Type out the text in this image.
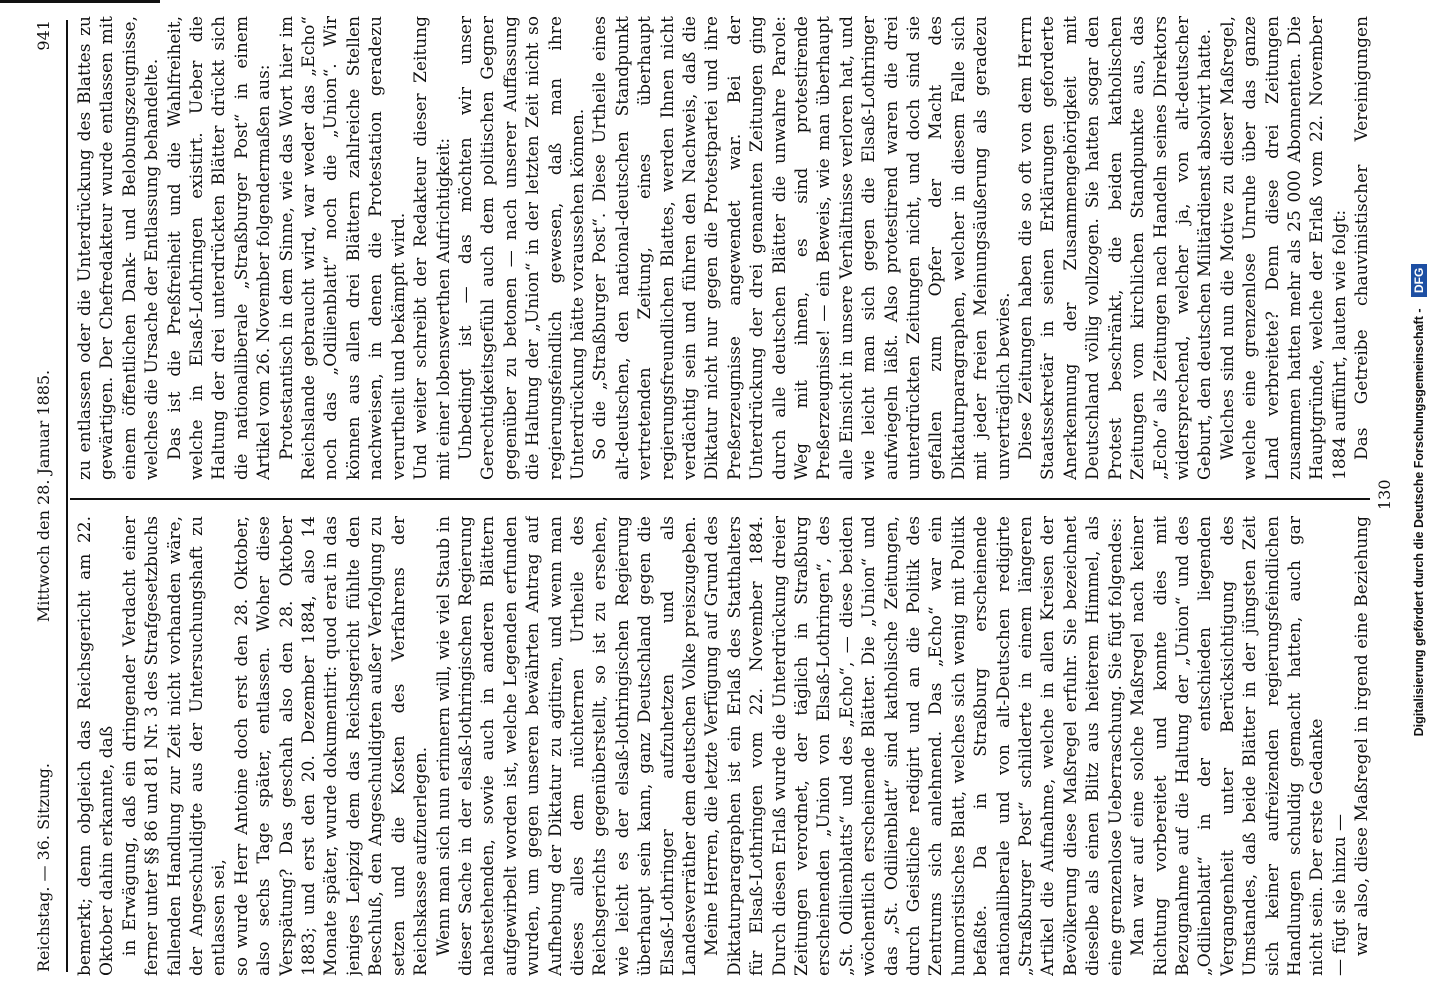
Reichstag. — 36. Sitzung.
Mittwoch den 28. Januar 1885.
941

bemerkt; denn obgleich das Reichsgericht am 22. Oktober dahin erkannte, daß in Erwägung, daß ein dringender Verdacht einer ferner unter §§ 86 und 81 Nr. 3 des Strafgesetzbuchs fallenden Handlung zur Zeit nicht vorhanden wäre, der Angeschuldigte aus der Untersuchungshaft zu entlassen sei, so wurde Herr Antoine doch erst den 28. Oktober, also sechs Tage später, entlassen. Woher diese Verspätung? Das geschah also den 28. Oktober 1883; und erst den 20. Dezember 1884, also 14 Monate später, wurde dokumentirt: quod erat in das jeniges Leipzig dem das Reichsgericht fühlte den Beschluß, den Angeschuldigten außer Verfolgung zu setzen und die Kosten des Verfahrens der Reichskasse aufzuerlegen. Wenn man sich nun erinnern will, wie viel Staub in dieser Sache in der elsaß-lothringischen Regierung nahestehenden, sowie auch in anderen Blättern aufgewirbelt worden ist, welche Legenden erfunden wurden, um gegen unseren bewährten Antrag auf Aufhebung der Diktatur zu agitiren, und wenn man dieses alles dem nüchternen Urtheile des Reichsgerichts gegenüberstellt, so ist zu ersehen, wie leicht es der elsaß-lothringischen Regierung überhaupt sein kann, ganz Deutschland gegen die Elsaß-Lothringer aufzuhetzen und als Landesverräther dem deutschen Volke preiszugeben. Meine Herren, die letzte Verfügung auf Grund des Diktaturparagraphen ist ein Erlaß des Statthalters für Elsaß-Lothringen vom 22. November 1884. Durch diesen Erlaß wurde die Unterdrückung dreier Zeitungen verordnet, der täglich in Straßburg erscheinenden „Union von Elsaß-Lothringen“, des „St. Odilienblatts“ und des „Echo“, — diese beiden wöchentlich erscheinende Blätter. Die „Union“ und das „St. Odilienblatt“ sind katholische Zeitungen, durch Geistliche redigirt und an die Politik des Zentrums sich anlehnend. Das „Echo“ war ein humoristisches Blatt, welches sich wenig mit Politik befaßte. Da in Straßburg erscheinende nationalliberale und von alt-Deutschen redigirte „Straßburger Post“ schilderte in einem längeren Artikel die Aufnahme, welche in allen Kreisen der Bevölkerung diese Maßregel erfuhr. Sie bezeichnet dieselbe als einen Blitz aus heiterem Himmel, als eine grenzenlose Ueberraschung. Sie fügt folgendes: Man war auf eine solche Maßregel nach keiner Richtung vorbereitet und konnte dies mit Bezugnahme auf die Haltung der „Union“ und des „Odilienblatt“ in der entschieden liegenden Vergangenheit unter Berücksichtigung des Umstandes, daß beide Blätter in der jüngsten Zeit sich keiner aufreizenden regierungsfeindlichen Handlungen schuldig gemacht hatten, auch gar nicht sein. Der erste Gedanke — fügt sie hinzu — war also, diese Maßregel in irgend eine Beziehung

zu entlassen oder die Unterdrückung des Blattes zu gewärtigen. Der Chefredakteur wurde entlassen mit einem öffentlichen Dank- und Belobungszeugnisse, welches die Ursache der Entlassung behandelte. Das ist die Preßfreiheit und die Wahlfreiheit, welche in Elsaß-Lothringen existirt. Ueber die Haltung der drei unterdrückten Blätter drückt sich die nationalliberale „Straßburger Post“ in einem Artikel vom 26. November folgendermaßen aus: Protestantisch in dem Sinne, wie das Wort hier im Reichslande gebraucht wird, war weder das „Echo“ noch das „Odilienblatt“ noch die „Union“. Wir können aus allen drei Blättern zahlreiche Stellen nachweisen, in denen die Protestation geradezu verurtheilt und bekämpft wird. Und weiter schreibt der Redakteur dieser Zeitung mit einer lobenswerthen Aufrichtigkeit: Unbedingt ist — das möchten wir unser Gerechtigkeitsgefühl auch dem politischen Gegner gegenüber zu betonen — nach unserer Auffassung die Haltung der „Union“ in der letzten Zeit nicht so regierungsfeindlich gewesen, daß man ihre Unterdrückung hätte voraussehen können. So die „Straßburger Post“. Diese Urtheile eines alt-deutschen, den national-deutschen Standpunkt vertretenden Zeitung, eines überhaupt regierungsfreundlichen Blattes, werden Ihnen nicht verdächtig sein und führen den Nachweis, daß die Diktatur nicht nur gegen die Protestpartei und ihre Preßerzeugnisse angewendet war. Bei der Unterdrückung der drei genannten Zeitungen ging durch alle deutschen Blätter die unwahre Parole: Weg mit ihnen, es sind protestirende Preßerzeugnisse! — ein Beweis, wie man überhaupt alle Einsicht in unsere Verhältnisse verloren hat, und wie leicht man sich gegen die Elsaß-Lothringer aufwiegeln läßt. Also protestirend waren die drei unterdrückten Zeitungen nicht, und doch sind sie gefallen zum Opfer der Macht des Diktaturparagraphen, welcher in diesem Falle sich mit jeder freien Meinungsäußerung als geradezu unverträglich bewies. Diese Zeitungen haben die so oft von dem Herrn Staatssekretär in seinen Erklärungen geforderte Anerkennung der Zusammengehörigkeit mit Deutschland völlig vollzogen. Sie hatten sogar den Protest beschränkt, die beiden katholischen Zeitungen vom kirchlichen Standpunkte aus, das „Echo“ als Zeitungen nach Handeln seines Direktors widersprechend, welcher ja, von alt-deutscher Geburt, den deutschen Militärdienst absolvirt hatte. Welches sind nun die Motive zu dieser Maßregel, welche eine grenzenlose Unruhe über das ganze Land verbreitete? Denn diese drei Zeitungen zusammen hatten mehr als 25 000 Abonnenten. Die Hauptgründe, welche der Erlaß vom 22. November 1884 aufführt, lauten wie folgt: Das Getreibe chauvinistischer Vereinigungen

130 Digitalisierung gefördert durch die Deutsche Forschungsgemeinschaft - DFG
